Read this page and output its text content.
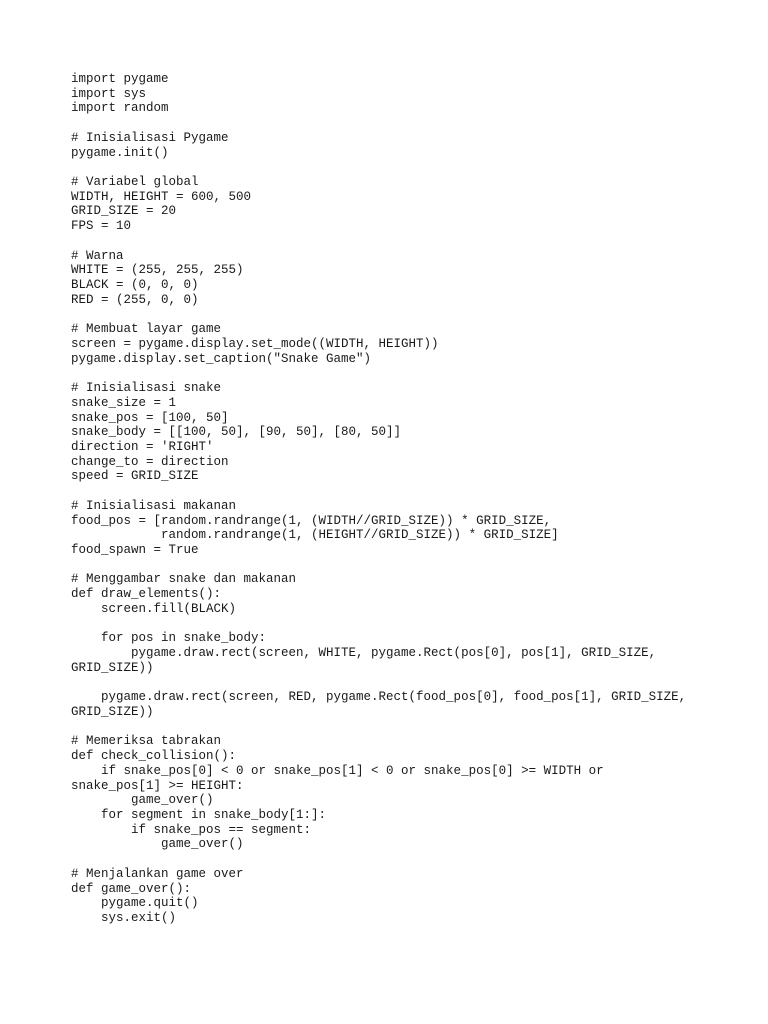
import pygame
import sys
import random
# Inisialisasi Pygame
pygame.init()
# Variabel global
WIDTH, HEIGHT = 600, 500
GRID_SIZE = 20
FPS = 10
# Warna
WHITE = (255, 255, 255)
BLACK = (0, 0, 0)
RED = (255, 0, 0)
# Membuat layar game
screen = pygame.display.set_mode((WIDTH, HEIGHT))
pygame.display.set_caption("Snake Game")
# Inisialisasi snake
snake_size = 1
snake_pos = [100, 50]
snake_body = [[100, 50], [90, 50], [80, 50]]
direction = 'RIGHT'
change_to = direction
speed = GRID_SIZE
# Inisialisasi makanan
food_pos = [random.randrange(1, (WIDTH//GRID_SIZE)) * GRID_SIZE,
random.randrange(1, (HEIGHT//GRID_SIZE)) * GRID_SIZE]
food_spawn = True
# Menggambar snake dan makanan
def draw_elements():
screen.fill(BLACK)
for pos in snake_body:
pygame.draw.rect(screen, WHITE, pygame.Rect(pos[0], pos[1], GRID_SIZE,
GRID_SIZE))
pygame.draw.rect(screen, RED, pygame.Rect(food_pos[0], food_pos[1], GRID_SIZE,
GRID_SIZE))
# Memeriksa tabrakan
def check_collision():
if snake_pos[0] < 0 or snake_pos[1] < 0 or snake_pos[0] >= WIDTH or
snake_pos[1] >= HEIGHT:
game_over()
for segment in snake_body[1:]:
if snake_pos == segment:
game_over()
# Menjalankan game over
def game_over():
pygame.quit()
sys.exit()
